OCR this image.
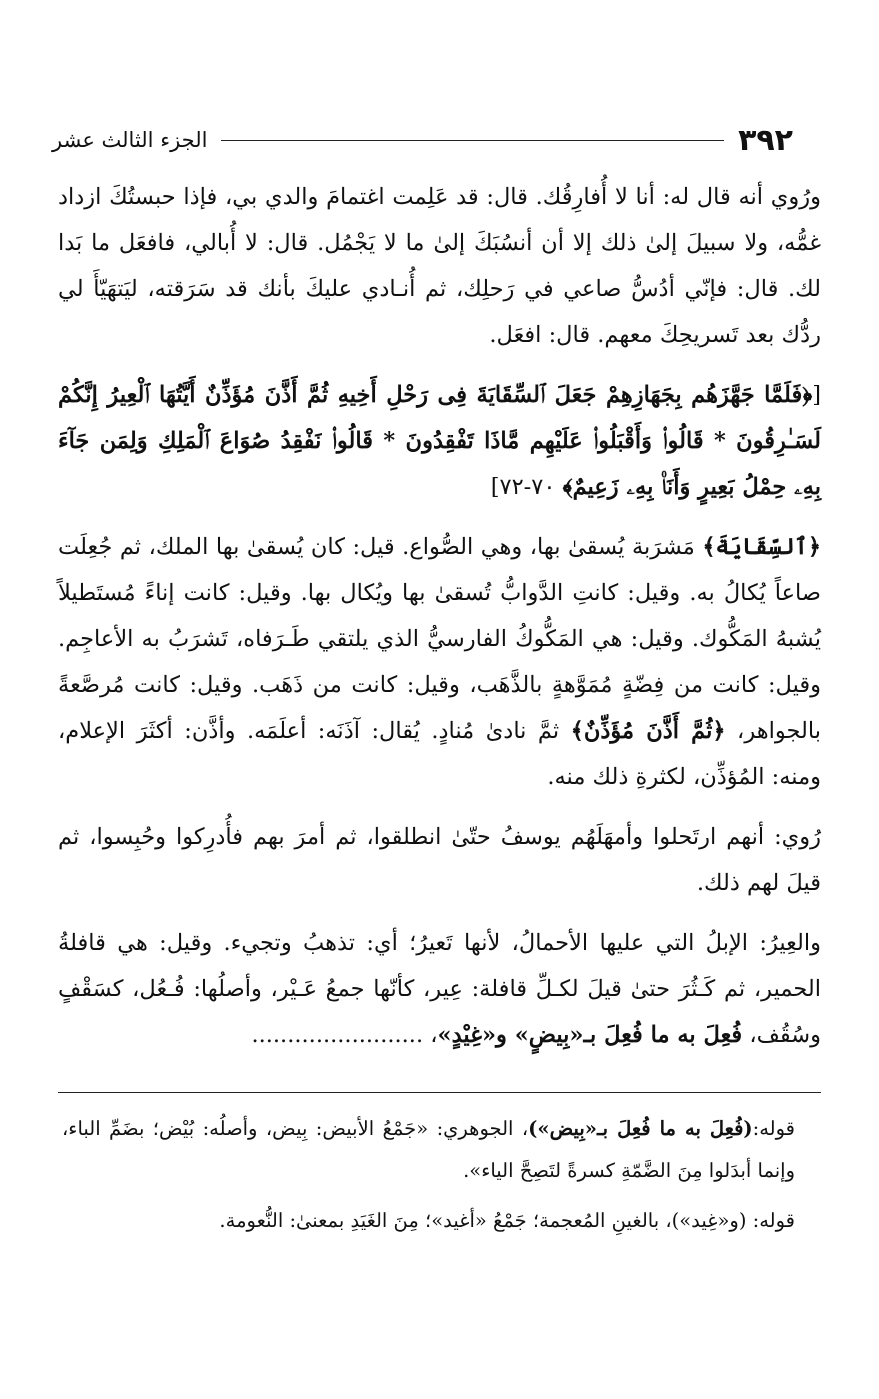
٣٩٢
الجزء الثالث عشر

ورُوي أنه قال له: أنا لا أُفارِقُك. قال: قد عَلِمت اغتمامَ والدي بي، فإذا حبستُكَ ازداد غمُّه، ولا سبيلَ إلىٰ ذلك إلا أن أنسُبَكَ إلىٰ ما لا يَجْمُل. قال: لا أُبالي، فافعَل ما بَدا لك. قال: فإنّي أدُسُّ صاعي في رَحلِك، ثم أُنـادي عليكَ بأنك قد سَرَقته، ليَتهَيّأَ لي ردُّك بعد تَسريحِكَ معهم. قال: افعَل.

[﴿فَلَمَّا جَهَّزَهُم بِجَهَازِهِمْ جَعَلَ ٱلسِّقَايَةَ فِى رَحْلِ أَخِيهِ ثُمَّ أَذَّنَ مُؤَذِّنٌ أَيَّتُهَا ٱلْعِيرُ إِنَّكُمْ لَسَـٰرِقُونَ * قَالُوا۟ وَأَقْبَلُوا۟ عَلَيْهِم مَّاذَا تَفْقِدُونَ * قَالُوا۟ نَفْقِدُ صُوَاعَ ٱلْمَلِكِ وَلِمَن جَآءَ بِهِۦ حِمْلُ بَعِيرٍ وَأَنَا۠ بِهِۦ زَعِيمٌ﴾ ٧٠-٧٢]

﴿ٱلسِّقَايَةَ﴾ مَشرَبة يُسقىٰ بها، وهي الصُّواع. قيل: كان يُسقىٰ بها الملك، ثم جُعِلَت صاعاً يُكالُ به. وقيل: كانتِ الدَّوابُّ تُسقىٰ بها ويُكال بها. وقيل: كانت إناءً مُستَطيلاً يُشبهُ المَكُّوك. وقيل: هي المَكُّوكُ الفارسيُّ الذي يلتقي طَـرَفاه، تَشرَبُ به الأعاجِم. وقيل: كانت من فِضّةٍ مُمَوَّهةٍ بالذَّهَب، وقيل: كانت من ذَهَب. وقيل: كانت مُرصَّعةً بالجواهر، ﴿ثُمَّ أَذَّنَ مُؤَذِّنٌ﴾ ثمَّ نادىٰ مُنادٍ. يُقال: آذَنَه: أعلَمَه. وأذَّن: أكثَرَ الإعلام، ومنه: المُؤذِّن، لكثرةِ ذلك منه.

رُوي: أنهم ارتَحلوا وأمهَلَهُم يوسفُ حتّىٰ انطلقوا، ثم أمرَ بهم فأُدرِكوا وحُبِسوا، ثم قيلَ لهم ذلك.

والعِيرُ: الإبلُ التي عليها الأحمالُ، لأنها تَعيرُ؛ أي: تذهبُ وتجيء. وقيل: هي قافلةُ الحمير، ثم كَـثُرَ حتىٰ قيلَ لكـلِّ قافلة: عِير، كأنّها جمعُ عَـيْر، وأصلُها: فُـعُل، كسَقْفٍ وسُقُف، فُعِلَ به ما فُعِلَ بـ«بِيضٍ» و«غِيْدٍ»، ........................

قوله:(فُعِلَ به ما فُعِلَ بـ«بِيض»)، الجوهري: «جَمْعُ الأبيض: بِيض، وأصلُه: بُيْض؛ بضَمِّ الباء، وإنما أبدَلوا مِنَ الضَّمّةِ كسرةً لتَصِحَّ الياء».

قوله: (و«غِيد»)، بالغينِ المُعجمة؛ جَمْعُ «أغيد»؛ مِنَ الغَيَدِ بمعنىٰ: النُّعومة.
